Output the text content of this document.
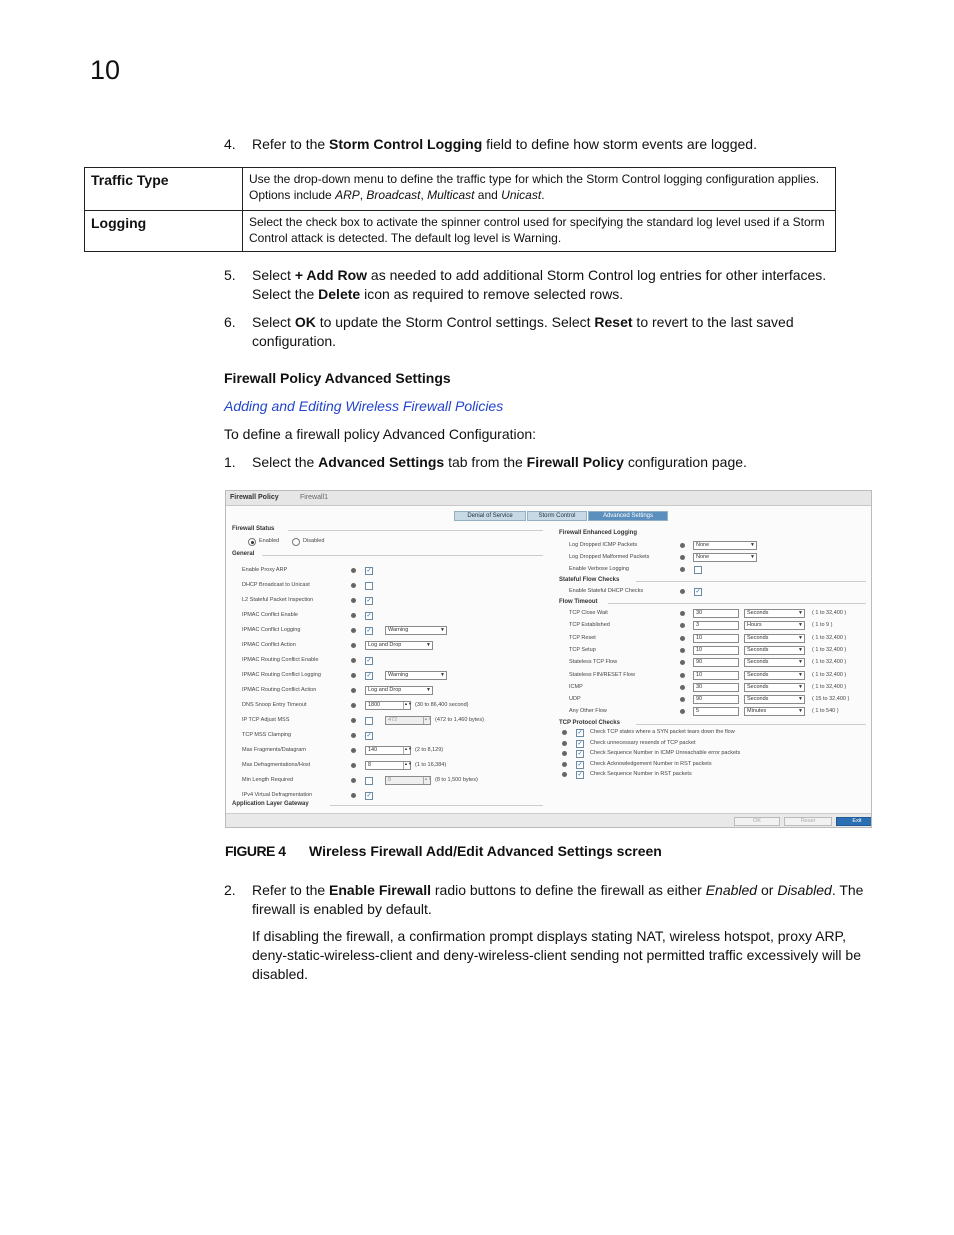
10
4.	Refer to the Storm Control Logging field to define how storm events are logged.
Traffic Type	Use the drop-down menu to define the traffic type for which the Storm Control logging configuration applies. Options include ARP, Broadcast, Multicast and Unicast.
Logging	Select the check box to activate the spinner control used for specifying the standard log level used if a Storm Control attack is detected. The default log level is Warning.
5.	Select + Add Row as needed to add additional Storm Control log entries for other interfaces. Select the Delete icon as required to remove selected rows.
6.	Select OK to update the Storm Control settings. Select Reset to revert to the last saved configuration.
Firewall Policy Advanced Settings
Adding and Editing Wireless Firewall Policies
To define a firewall policy Advanced Configuration:
1.	Select the Advanced Settings tab from the Firewall Policy configuration page.
Firewall Policy	Firewall1
Denial of Service	Storm Control	Advanced Settings
Firewall Status
Enabled	Disabled
General
Enable Proxy ARP	✓
DHCP Broadcast to Unicast
L2 Stateful Packet Inspection	✓
IPMAC Conflict Enable	✓
IPMAC Conflict Logging	✓	Warning	▼
IPMAC Conflict Action	Log and Drop	▼
IPMAC Routing Conflict Enable	✓
IPMAC Routing Conflict Logging	✓	Warning	▼
IPMAC Routing Conflict Action	Log and Drop	▼
DNS Snoop Entry Timeout	1800	▲▼ (30 to 86,400 second)
IP TCP Adjust MSS	472	▲▼ (472 to 1,460 bytes)
TCP MSS Clamping	✓
Max Fragments/Datagram	140	▲▼ (2 to 8,129)
Max Defragmentations/Host	8	▲▼ (1 to 16,384)
Min Length Required	8	▲▼ (8 to 1,500 bytes)
IPv4 Virtual Defragmentation	✓
Application Layer Gateway
Firewall Enhanced Logging
Log Dropped ICMP Packets	None	▼
Log Dropped Malformed Packets	None	▼
Enable Verbose Logging
Stateful Flow Checks
Enable Stateful DHCP Checks	✓
Flow Timeout
TCP Close Wait	30	Seconds	▼ ( 1 to 32,400 )
TCP Established	3	Hours	▼ ( 1 to 9 )
TCP Reset	10	Seconds	▼ ( 1 to 32,400 )
TCP Setup	10	Seconds	▼ ( 1 to 32,400 )
Stateless TCP Flow	90	Seconds	▼ ( 1 to 32,400 )
Stateless FIN/RESET Flow	10	Seconds	▼ ( 1 to 32,400 )
ICMP	30	Seconds	▼ ( 1 to 32,400 )
UDP	90	Seconds	▼ ( 15 to 32,400 )
Any Other Flow	5	Minutes	▼ ( 1 to 540 )
TCP Protocol Checks
✓ Check TCP states where a SYN packet tears down the flow
✓ Check unnecessary resends of TCP packet
✓ Check Sequence Number in ICMP Unreachable error packets
✓ Check Acknowledgement Number in RST packets
✓ Check Sequence Number in RST packets
OK	Reset	Exit
FIGURE 4 Wireless Firewall Add/Edit Advanced Settings screen
2.	Refer to the Enable Firewall radio buttons to define the firewall as either Enabled or Disabled. The firewall is enabled by default.
If disabling the firewall, a confirmation prompt displays stating NAT, wireless hotspot, proxy ARP, deny-static-wireless-client and deny-wireless-client sending not permitted traffic excessively will be disabled.
